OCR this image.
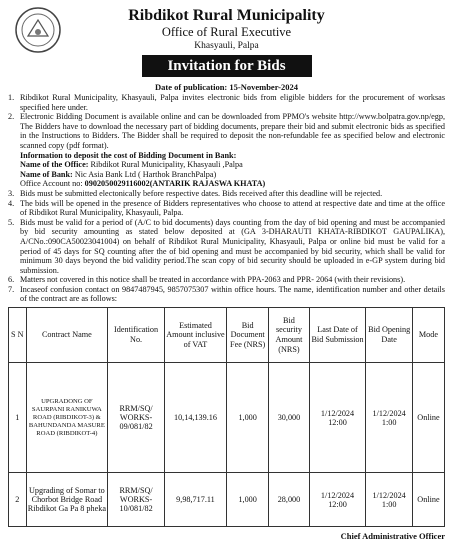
Ribdikot Rural Municipality
Office of Rural Executive
Khasyauli, Palpa
Invitation for Bids
Date of publication: 15-November-2024
1. Ribdikot Rural Municipality, Khasyauli, Palpa invites electronic bids from eligible bidders for the procurement of worksas specified here under.
2. Electronic Bidding Document is available online and can be downloaded from PPMO's website http://www.bolpatra.gov.np/egp, The Bidders have to download the necessary part of bidding documents, prepare their bid and submit electronic bids as specified in the Instructions to Bidders. The Bidder shall be required to deposit the non-refundable fee as specified below and electronic scanned copy (pdf format).
Information to deposit the cost of Bidding Document in Bank:
Name of the Office: Ribdikot Rural Municipality, Khasyauli ,Palpa
Name of Bank: Nic Asia Bank Ltd ( Harthok BranchPalpa)
Office Account no: 0902050029116002(ANTARIK RAJASWA KHATA)
3. Bids must be submitted electonically before respective dates. Bids received after this deadline will be rejected.
4. The bids will be opened in the presence of Bidders representatives who choose to attend at respective date and time at the office of Ribdikot Rural Municipality, Khasyauli, Palpa.
5. Bids must be valid for a period of (A/C to bid documents) days counting from the day of bid opening and must be accompanied by bid security amounting as stated below deposited at (GA 3-DHARAUTI KHATA-RIBDIKOT GAUPALIKA), A/CNo.:090CA50023041004) on behalf of Ribdikot Rural Municipality, Khasyauli, Palpa or online bid must be valid for a period of 45 days for SQ counting after the of bid opening and must be accompanied by bid security, which shall be valid for minimum 30 days beyond the bid validity period.The scan copy of bid security should be uploaded in e-GP system during bid submission.
6. Matters not covered in this notice shall be treated in accordance with PPA-2063 and PPR- 2064 (with their revisions).
7. Incaseof confusion contact on 9847487945, 9857075307 within office hours. The name, identification number and other details of the contract are as follows:
S N	Contract Name	Identification No.	Estimated Amount inclusive of VAT	Bid Document Fee (NRS)	Bid security Amount (NRS)	Last Date of Bid Submission	Bid Opening Date	Mode
1	UPGRADONG OF SAURPANI RANIKUWA ROAD (RIBDIKOT-3) & BAHUNDANDA MASURE ROAD (RIBDIKOT-4)	RRM/SQ/ WORKS- 09/081/82	10,14,139.16	1,000	30,000	1/12/2024 12:00	1/12/2024 1:00	Online
2	Upgrading of Somar to Chorbot Bridge Road Ribdikot Ga Pa 8 pheka	RRM/SQ/ WORKS- 10/081/82	9,98,717.11	1,000	28,000	1/12/2024 12:00	1/12/2024 1:00	Online
Chief Administrative Officer
